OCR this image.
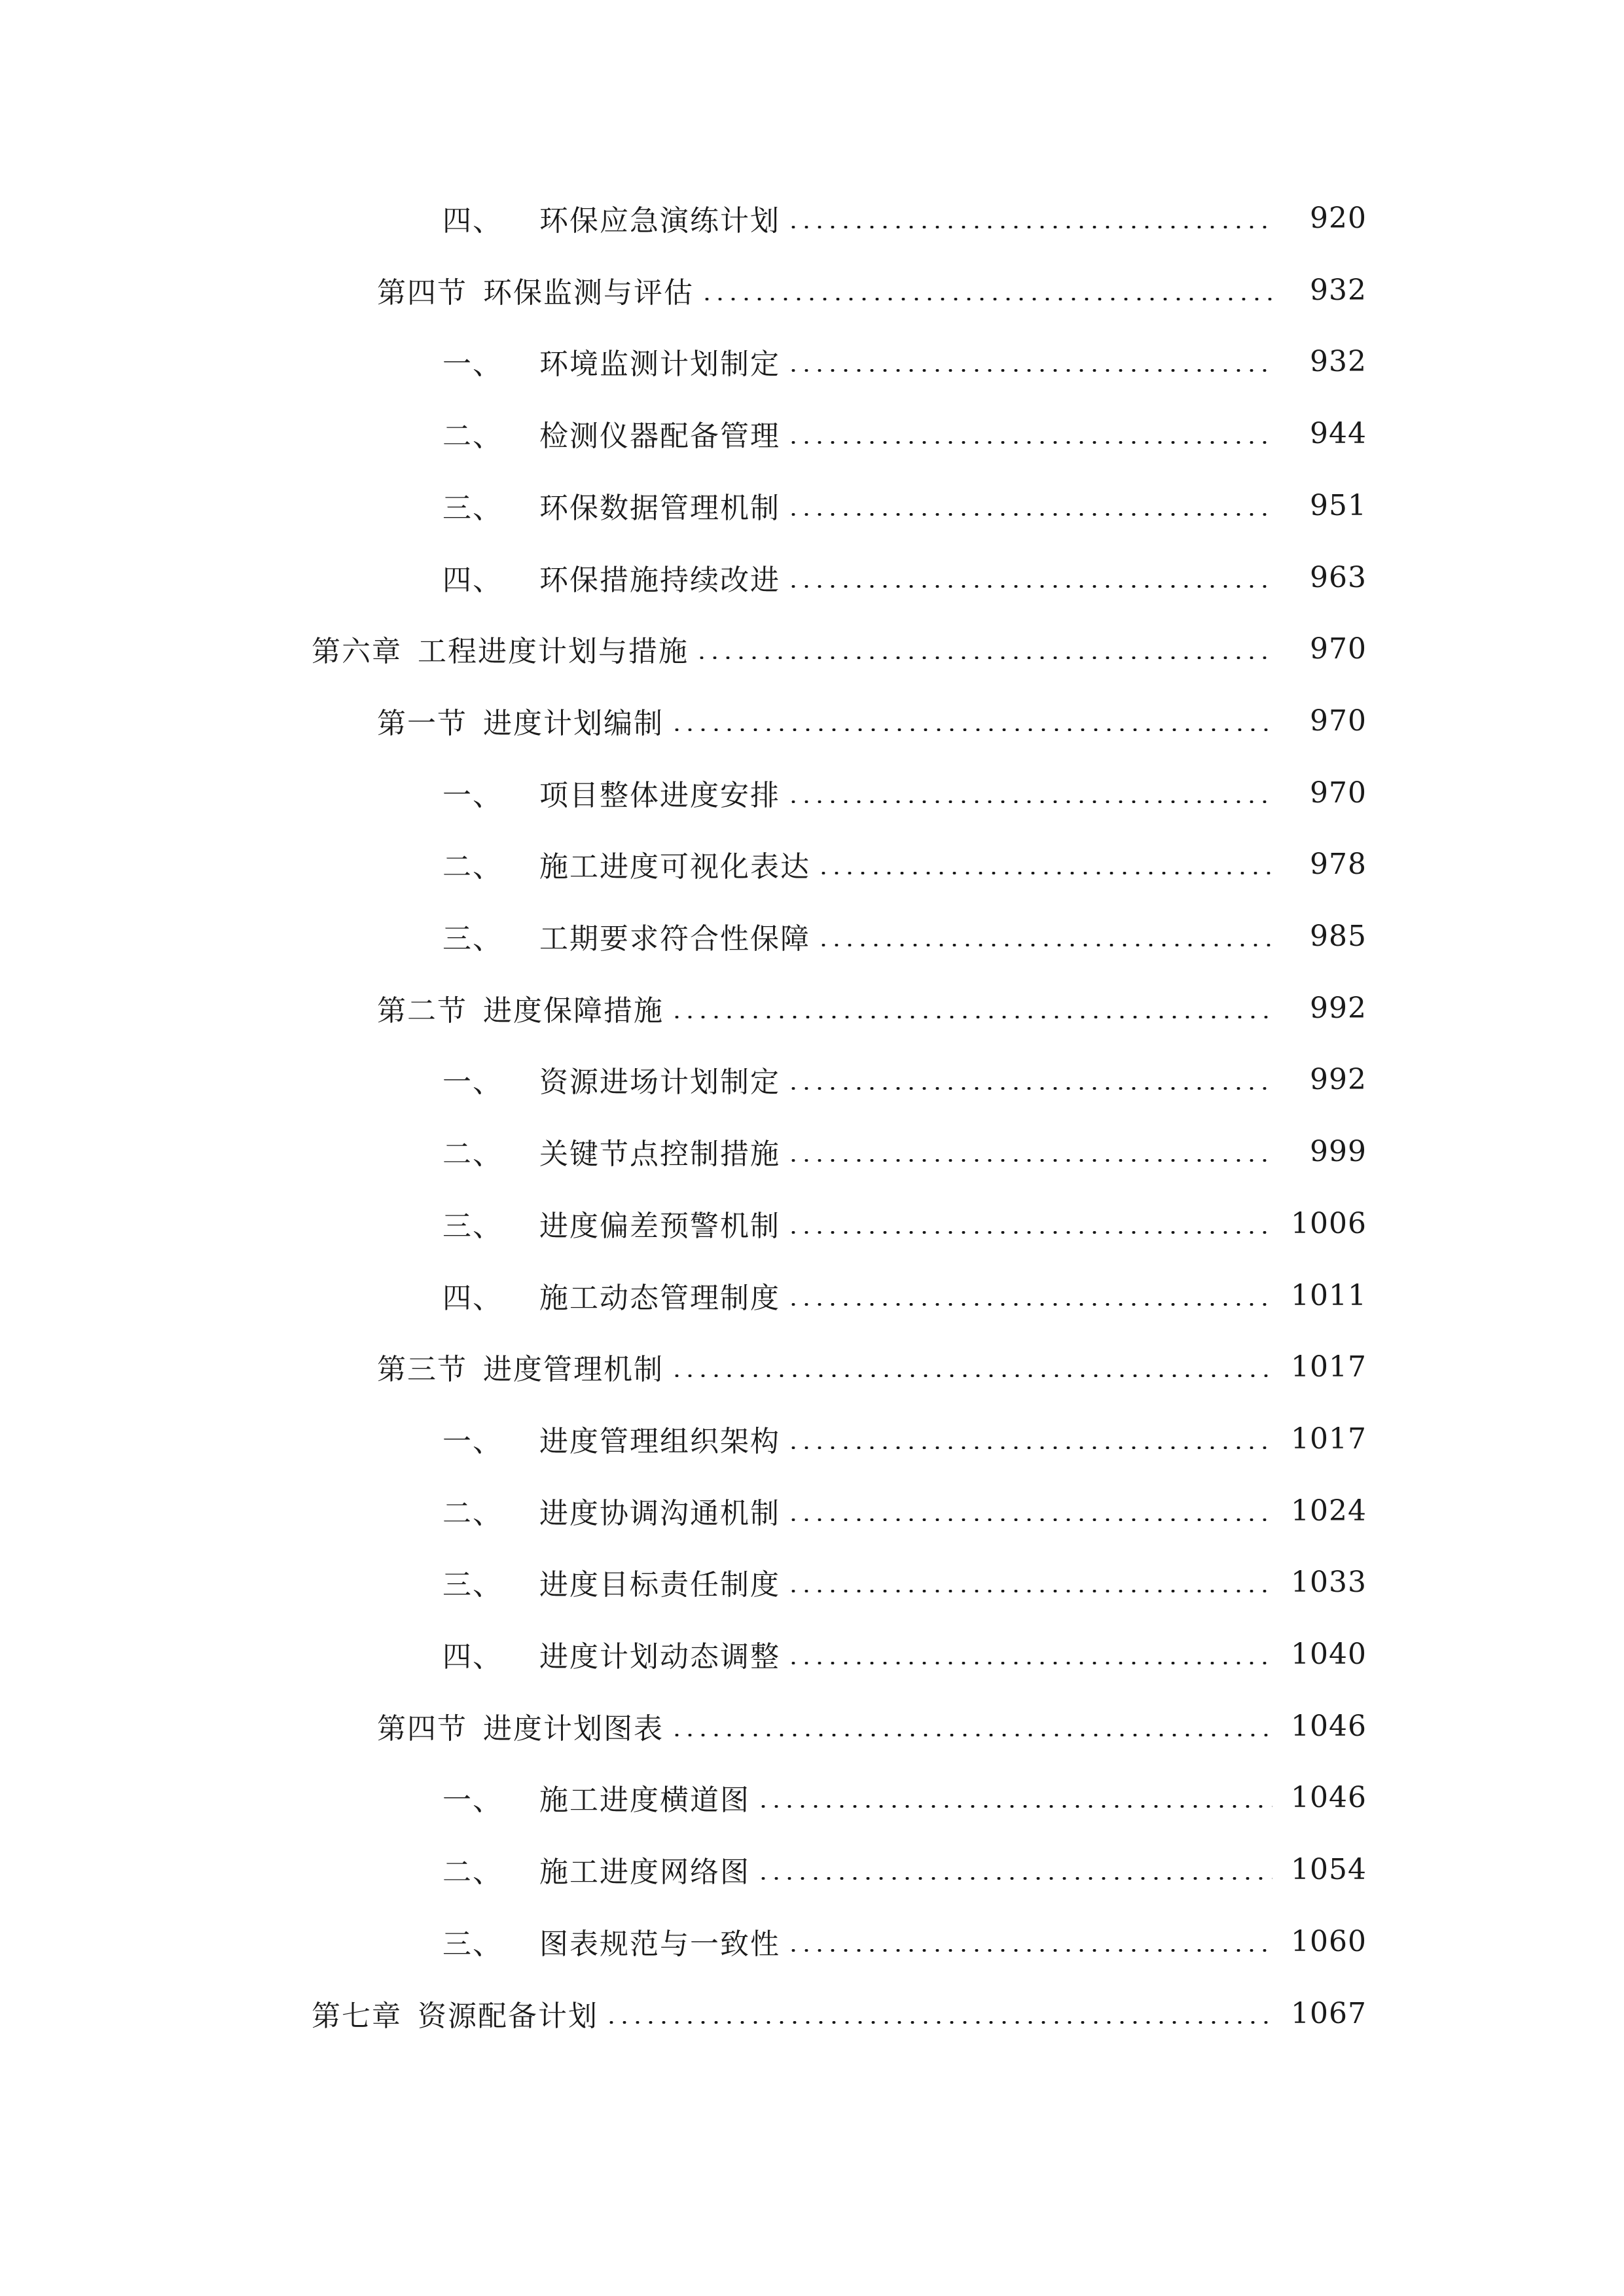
四、 环保应急演练计划	920
第四节 环保监测与评估	932
一、 环境监测计划制定	932
二、 检测仪器配备管理	944
三、 环保数据管理机制	951
四、 环保措施持续改进	963
第六章 工程进度计划与措施	970
第一节 进度计划编制	970
一、 项目整体进度安排	970
二、 施工进度可视化表达	978
三、 工期要求符合性保障	985
第二节 进度保障措施	992
一、 资源进场计划制定	992
二、 关键节点控制措施	999
三、 进度偏差预警机制	1006
四、 施工动态管理制度	1011
第三节 进度管理机制	1017
一、 进度管理组织架构	1017
二、 进度协调沟通机制	1024
三、 进度目标责任制度	1033
四、 进度计划动态调整	1040
第四节 进度计划图表	1046
一、 施工进度横道图	1046
二、 施工进度网络图	1054
三、 图表规范与一致性	1060
第七章 资源配备计划	1067
